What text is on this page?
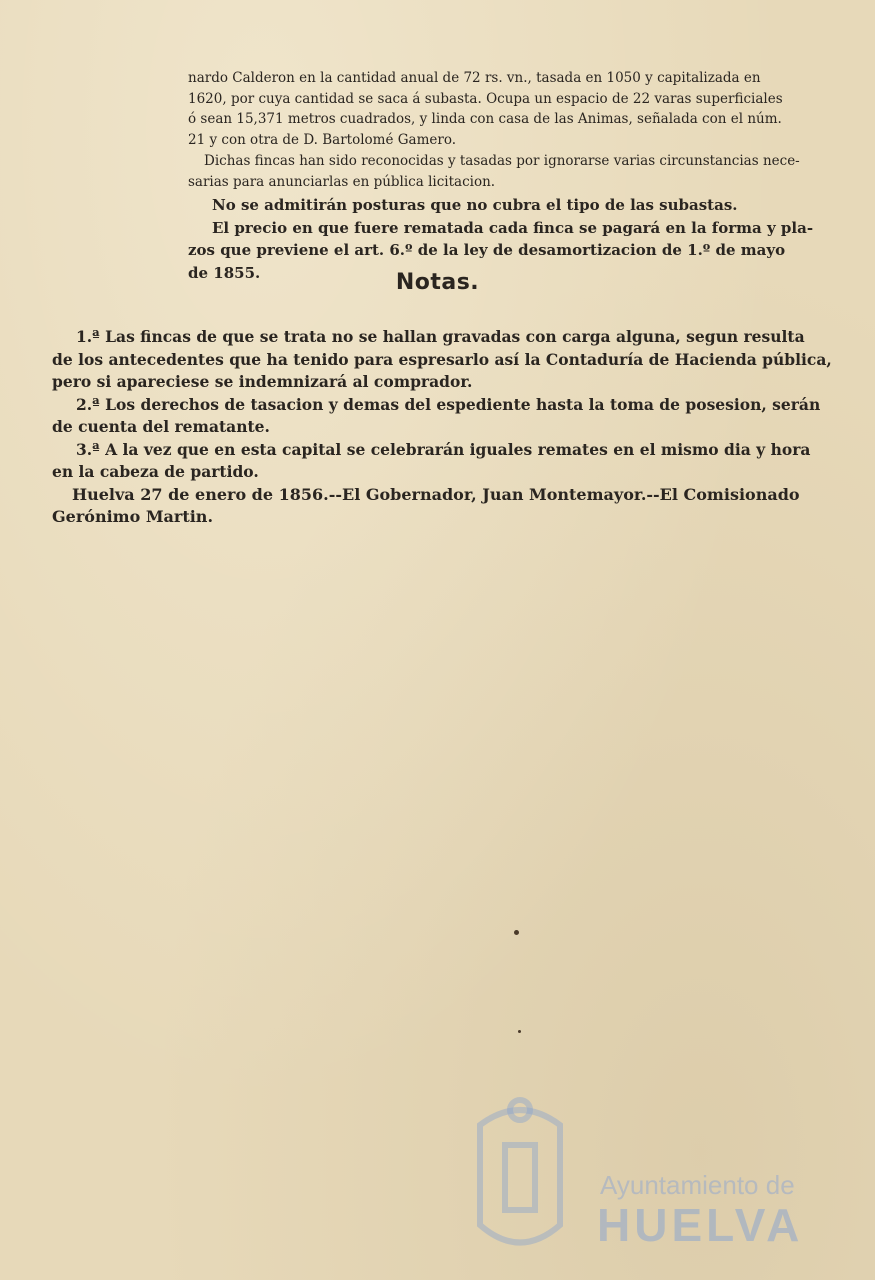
nardo Calderon en la cantidad anual de 72 rs. vn., tasada en 1050 y capitalizada en
1620, por cuya cantidad se saca á subasta. Ocupa un espacio de 22 varas superficiales
ó sean 15,371 metros cuadrados, y linda con casa de las Animas, señalada con el núm.
21 y con otra de D. Bartolomé Gamero.
Dichas fincas han sido reconocidas y tasadas por ignorarse varias circunstancias nece-
sarias para anunciarlas en pública licitacion.
No se admitirán posturas que no cubra el tipo de las subastas.
El precio en que fuere rematada cada finca se pagará en la forma y pla-
zos que previene el art. 6.º de la ley de desamortizacion de 1.º de mayo
de 1855.	Notas.
1.ª Las fincas de que se trata no se hallan gravadas con carga alguna, segun resulta
de los antecedentes que ha tenido para espresarlo así la Contaduría de Hacienda pública,
pero si apareciese se indemnizará al comprador.
2.ª Los derechos de tasacion y demas del espediente hasta la toma de posesion, serán
de cuenta del rematante.
3.ª A la vez que en esta capital se celebrarán iguales remates en el mismo dia y hora
en la cabeza de partido.
Huelva 27 de enero de 1856.--El Gobernador, Juan Montemayor.--El Comisionado
Gerónimo Martin.
Ayuntamiento de
HUELVA
